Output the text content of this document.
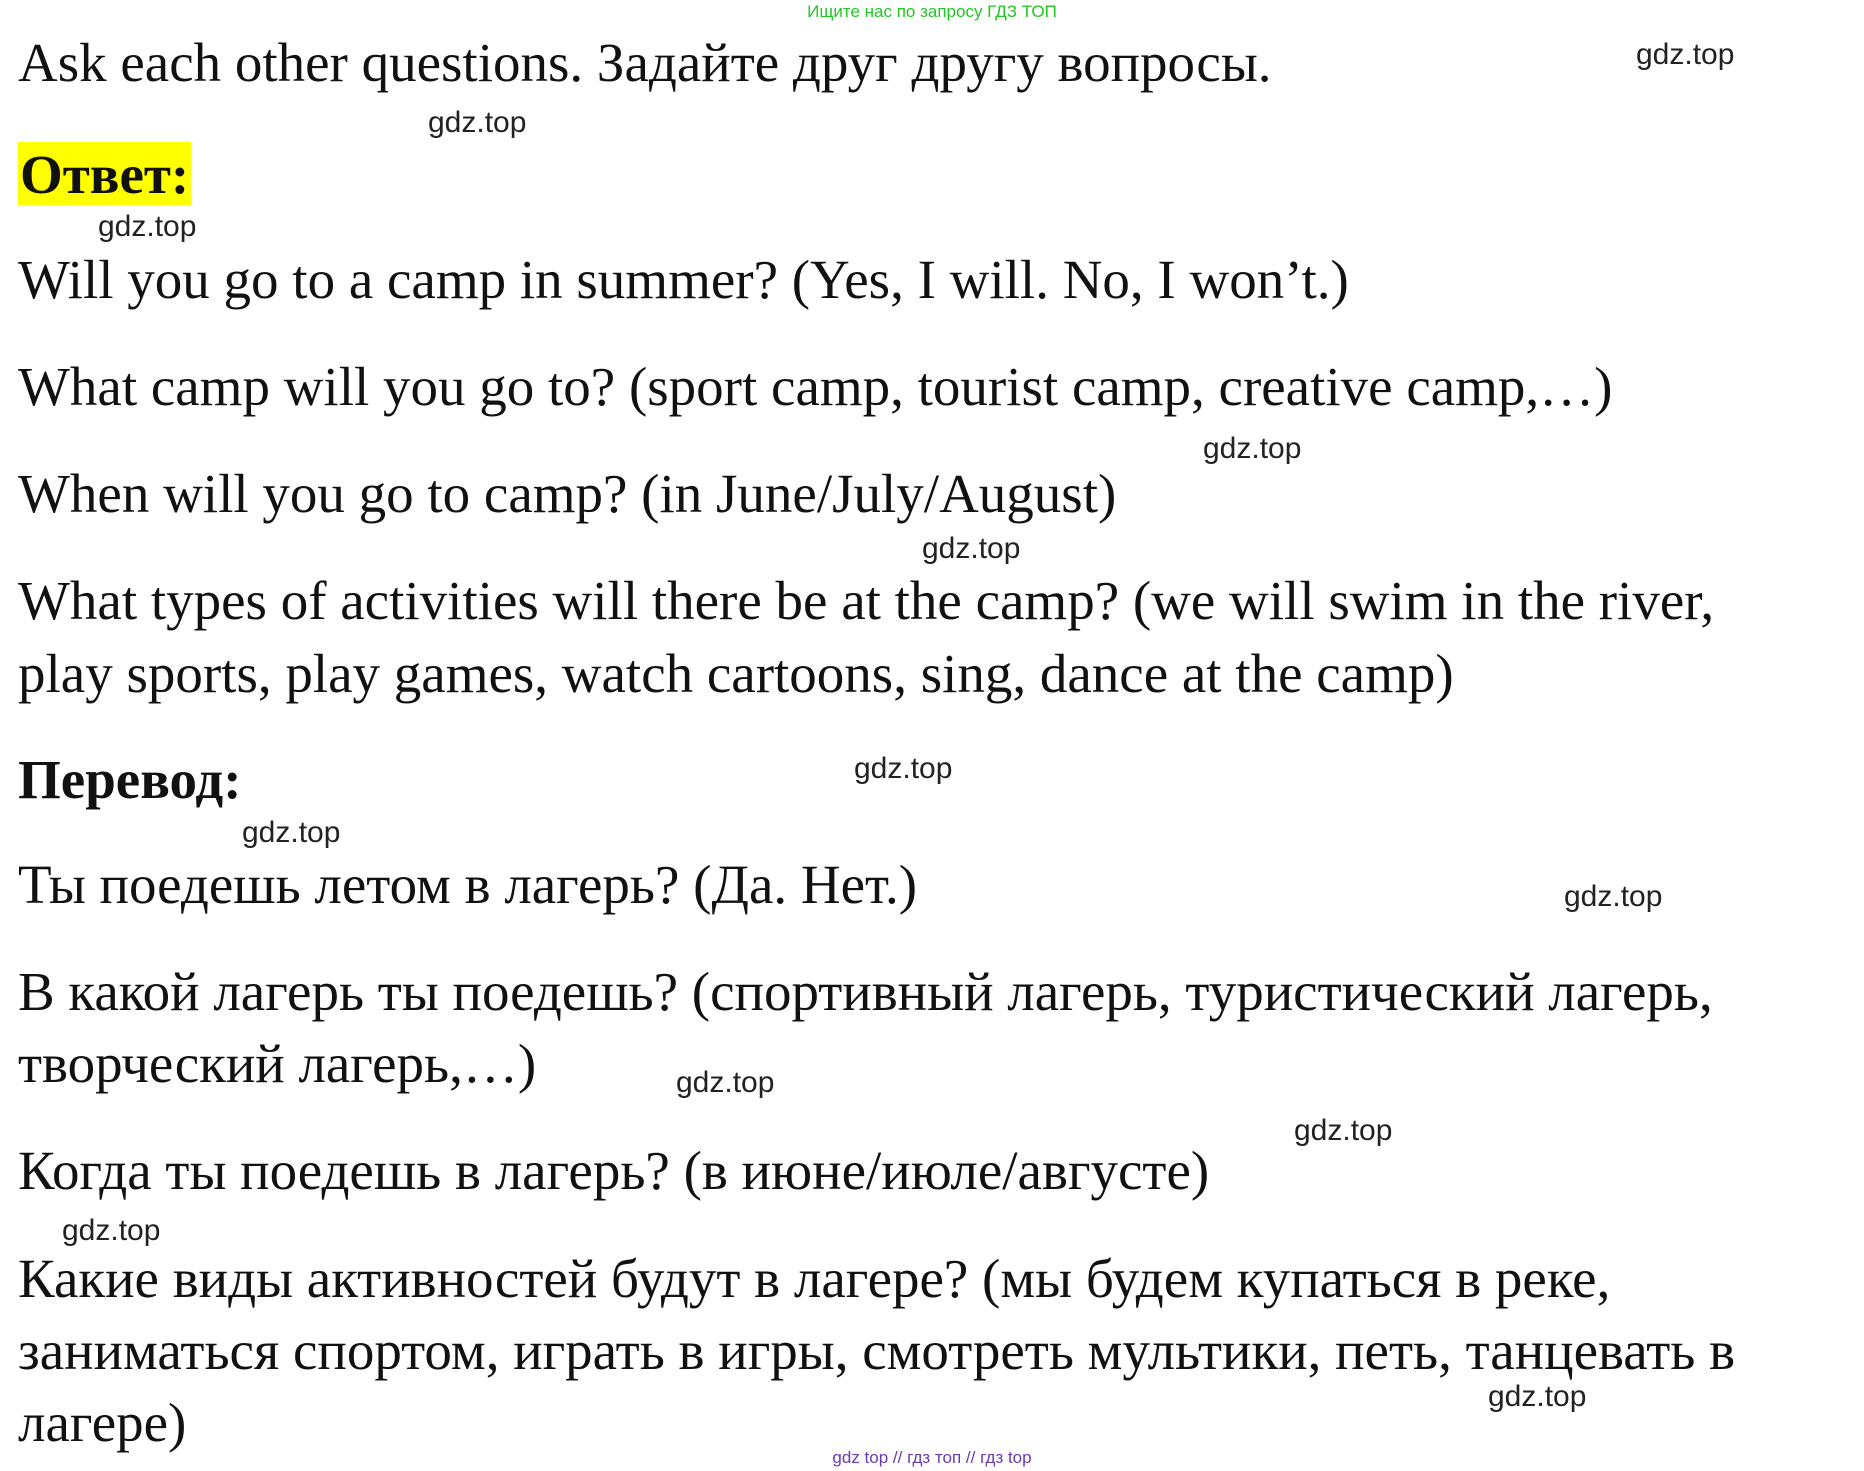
Ищите нас по запросу ГДЗ ТОП
Ask each other questions. Задайте друг другу вопросы.
Ответ:
Will you go to a camp in summer? (Yes, I will. No, I won’t.)
What camp will you go to? (sport camp, tourist camp, creative camp,…)
When will you go to camp? (in June/July/August)
What types of activities will there be at the camp? (we will swim in the river,
play sports, play games, watch cartoons, sing, dance at the camp)
Перевод:
Ты поедешь летом в лагерь? (Да. Нет.)
В какой лагерь ты поедешь? (спортивный лагерь, туристический лагерь,
творческий лагерь,…)
Когда ты поедешь в лагерь? (в июне/июле/августе)
Какие виды активностей будут в лагере? (мы будем купаться в реке,
заниматься спортом, играть в игры, смотреть мультики, петь, танцевать в
лагере)
gdz.top
gdz.top
gdz.top
gdz.top
gdz.top
gdz.top
gdz.top
gdz.top
gdz.top
gdz.top
gdz.top
gdz.top
gdz top // гдз топ // гдз top
